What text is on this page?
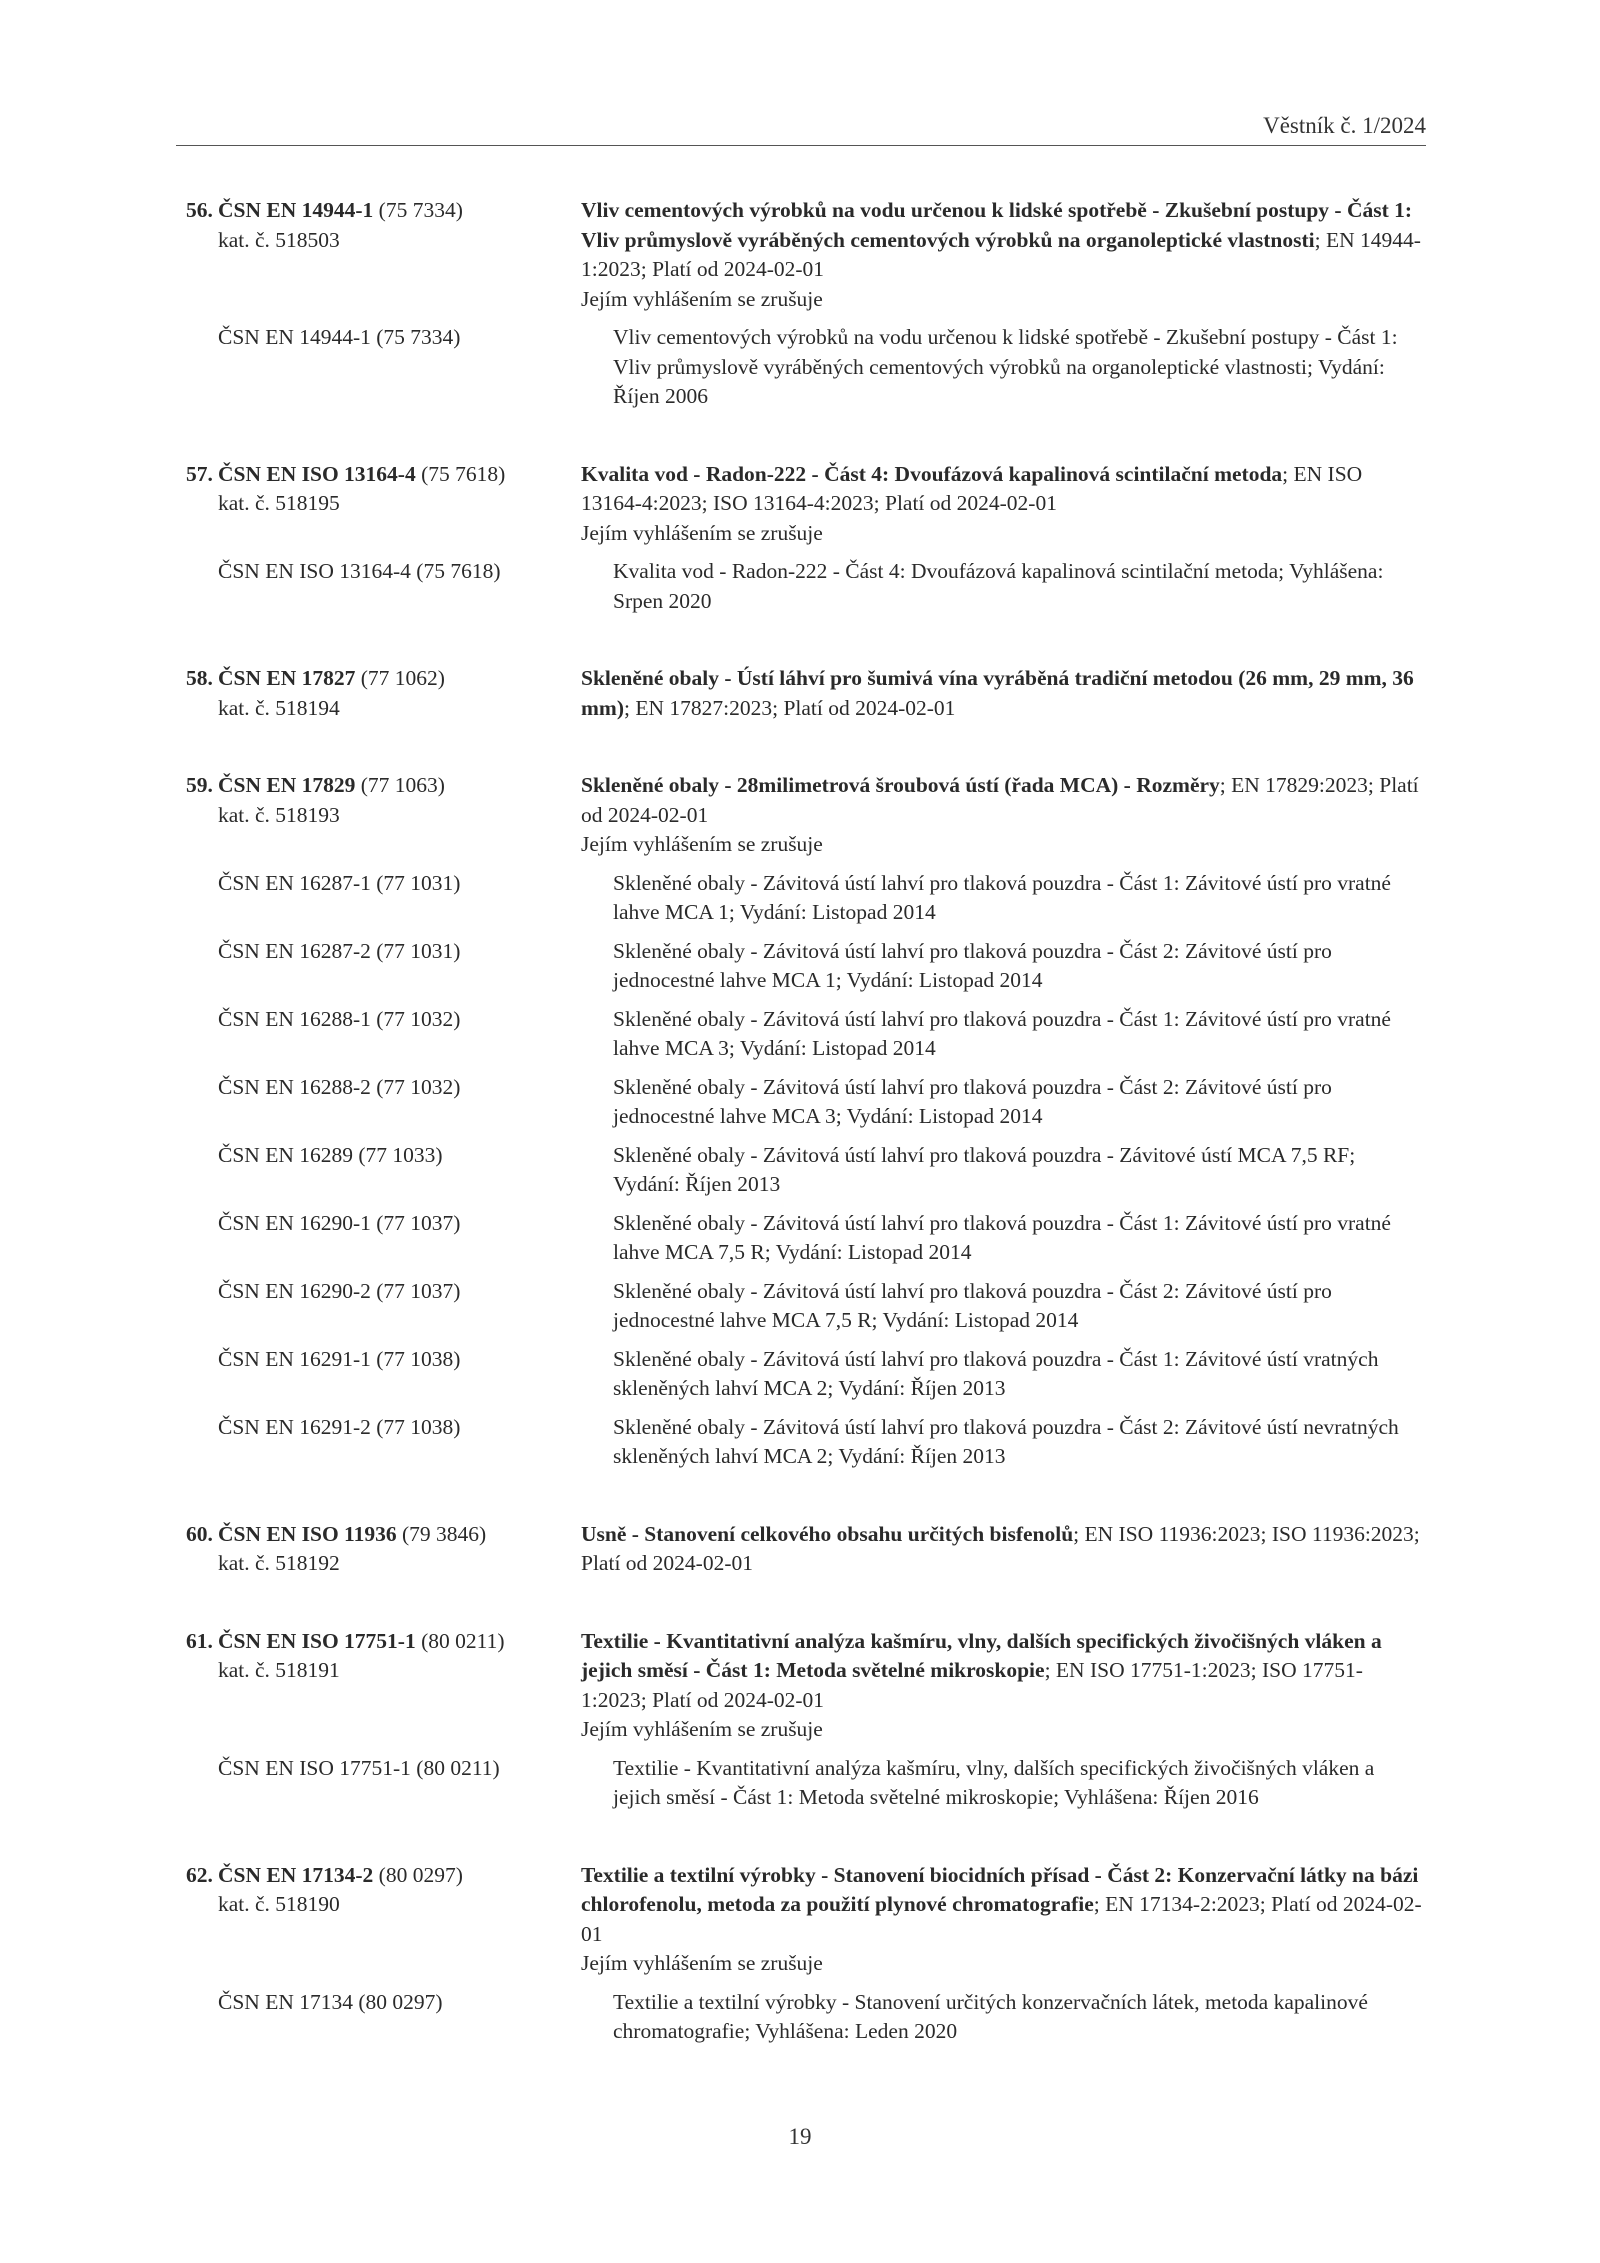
Věstník č. 1/2024
56. ČSN EN 14944-1 (75 7334)
kat. č. 518503
Vliv cementových výrobků na vodu určenou k lidské spotřebě - Zkušební postupy - Část 1: Vliv průmyslově vyráběných cementových výrobků na organoleptické vlastnosti; EN 14944-1:2023; Platí od 2024-02-01
Jejím vyhlášením se zrušuje
ČSN EN 14944-1 (75 7334)	Vliv cementových výrobků na vodu určenou k lidské spotřebě - Zkušební postupy - Část 1: Vliv průmyslově vyráběných cementových výrobků na organoleptické vlastnosti; Vydání: Říjen 2006
57. ČSN EN ISO 13164-4 (75 7618)
kat. č. 518195
Kvalita vod - Radon-222 - Část 4: Dvoufázová kapalinová scintilační metoda; EN ISO 13164-4:2023; ISO 13164-4:2023; Platí od 2024-02-01
Jejím vyhlášením se zrušuje
ČSN EN ISO 13164-4 (75 7618)	Kvalita vod - Radon-222 - Část 4: Dvoufázová kapalinová scintilační metoda; Vyhlášena: Srpen 2020
58. ČSN EN 17827 (77 1062)
kat. č. 518194
Skleněné obaly - Ústí láhví pro šumivá vína vyráběná tradiční metodou (26 mm, 29 mm, 36 mm); EN 17827:2023; Platí od 2024-02-01
59. ČSN EN 17829 (77 1063)
kat. č. 518193
Skleněné obaly - 28milimetrová šroubová ústí (řada MCA) - Rozměry; EN 17829:2023; Platí od 2024-02-01
Jejím vyhlášením se zrušuje
ČSN EN 16287-1 (77 1031)	Skleněné obaly - Závitová ústí lahví pro tlaková pouzdra - Část 1: Závitové ústí pro vratné lahve MCA 1; Vydání: Listopad 2014
ČSN EN 16287-2 (77 1031)	Skleněné obaly - Závitová ústí lahví pro tlaková pouzdra - Část 2: Závitové ústí pro jednocestné lahve MCA 1; Vydání: Listopad 2014
ČSN EN 16288-1 (77 1032)	Skleněné obaly - Závitová ústí lahví pro tlaková pouzdra - Část 1: Závitové ústí pro vratné lahve MCA 3; Vydání: Listopad 2014
ČSN EN 16288-2 (77 1032)	Skleněné obaly - Závitová ústí lahví pro tlaková pouzdra - Část 2: Závitové ústí pro jednocestné lahve MCA 3; Vydání: Listopad 2014
ČSN EN 16289 (77 1033)	Skleněné obaly - Závitová ústí lahví pro tlaková pouzdra - Závitové ústí MCA 7,5 RF; Vydání: Říjen 2013
ČSN EN 16290-1 (77 1037)	Skleněné obaly - Závitová ústí lahví pro tlaková pouzdra - Část 1: Závitové ústí pro vratné lahve MCA 7,5 R; Vydání: Listopad 2014
ČSN EN 16290-2 (77 1037)	Skleněné obaly - Závitová ústí lahví pro tlaková pouzdra - Část 2: Závitové ústí pro jednocestné lahve MCA 7,5 R; Vydání: Listopad 2014
ČSN EN 16291-1 (77 1038)	Skleněné obaly - Závitová ústí lahví pro tlaková pouzdra - Část 1: Závitové ústí vratných skleněných lahví MCA 2; Vydání: Říjen 2013
ČSN EN 16291-2 (77 1038)	Skleněné obaly - Závitová ústí lahví pro tlaková pouzdra - Část 2: Závitové ústí nevratných skleněných lahví MCA 2; Vydání: Říjen 2013
60. ČSN EN ISO 11936 (79 3846)
kat. č. 518192
Usně - Stanovení celkového obsahu určitých bisfenolů; EN ISO 11936:2023; ISO 11936:2023; Platí od 2024-02-01
61. ČSN EN ISO 17751-1 (80 0211)
kat. č. 518191
Textilie - Kvantitativní analýza kašmíru, vlny, dalších specifických živočišných vláken a jejich směsí - Část 1: Metoda světelné mikroskopie; EN ISO 17751-1:2023; ISO 17751-1:2023; Platí od 2024-02-01
Jejím vyhlášením se zrušuje
ČSN EN ISO 17751-1 (80 0211)	Textilie - Kvantitativní analýza kašmíru, vlny, dalších specifických živočišných vláken a jejich směsí - Část 1: Metoda světelné mikroskopie; Vyhlášena: Říjen 2016
62. ČSN EN 17134-2 (80 0297)
kat. č. 518190
Textilie a textilní výrobky - Stanovení biocidních přísad - Část 2: Konzervační látky na bázi chlorofenolu, metoda za použití plynové chromatografie; EN 17134-2:2023; Platí od 2024-02-01
Jejím vyhlášením se zrušuje
ČSN EN 17134 (80 0297)	Textilie a textilní výrobky - Stanovení určitých konzervačních látek, metoda kapalinové chromatografie; Vyhlášena: Leden 2020
19
